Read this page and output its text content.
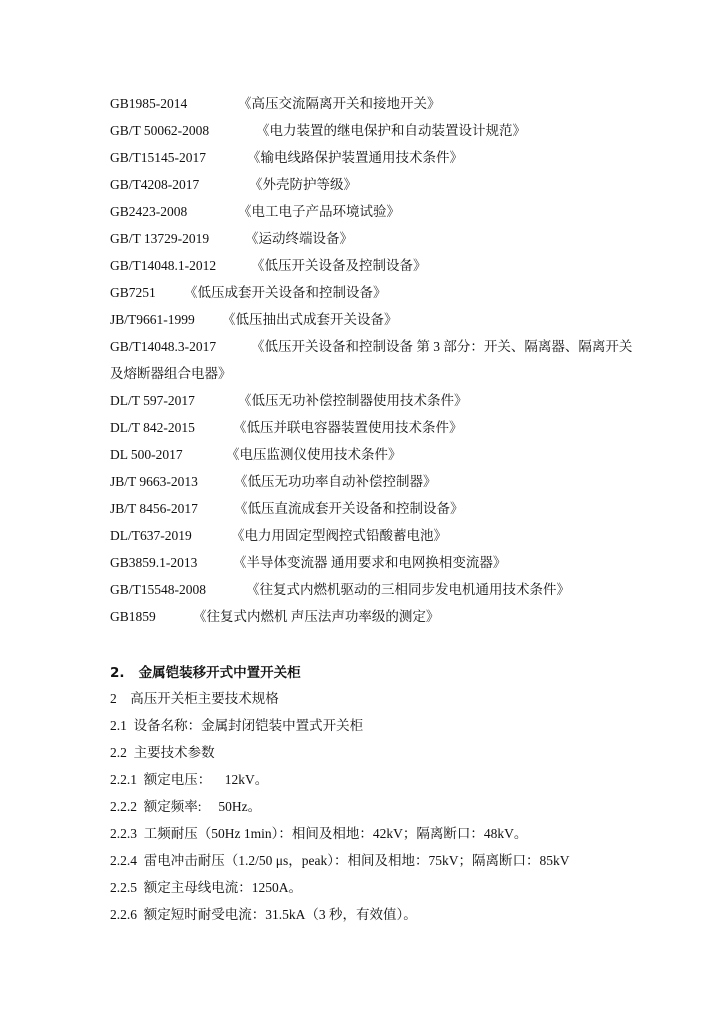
GB1985-2014	《高压交流隔离开关和接地开关》
GB/T 50062-2008	《电力装置的继电保护和自动装置设计规范》
GB/T15145-2017	《输电线路保护装置通用技术条件》
GB/T4208-2017	《外壳防护等级》
GB2423-2008	《电工电子产品环境试验》
GB/T 13729-2019	《运动终端设备》
GB/T14048.1-2012	《低压开关设备及控制设备》
GB7251 《低压成套开关设备和控制设备》
JB/T9661-1999 《低压抽出式成套开关设备》
GB/T14048.3-2017	《低压开关设备和控制设备 第 3 部分：开关、隔离器、隔离开关
及熔断器组合电器》
DL/T 597-2017	《低压无功补偿控制器使用技术条件》
DL/T 842-2015	《低压并联电容器装置使用技术条件》
DL 500-2017	《电压监测仪使用技术条件》
JB/T 9663-2013	《低压无功功率自动补偿控制器》
JB/T 8456-2017	《低压直流成套开关设备和控制设备》
DL/T637-2019	《电力用固定型阀控式铅酸蓄电池》
GB3859.1-2013	《半导体变流器 通用要求和电网换相变流器》
GB/T15548-2008	《往复式内燃机驱动的三相同步发电机通用技术条件》
GB1859	《往复式内燃机 声压法声功率级的测定》
2.   金属铠装移开式中置开关柜
2    高压开关柜主要技术规格
2.1  设备名称：金属封闭铠装中置式开关柜
2.2  主要技术参数
2.2.1  额定电压：    12kV。
2.2.2  额定频率:     50Hz。
2.2.3  工频耐压（50Hz 1min）：相间及相地：42kV；隔离断口：48kV。
2.2.4  雷电冲击耐压（1.2/50 μs，peak）：相间及相地：75kV；隔离断口：85kV
2.2.5  额定主母线电流：1250A。
2.2.6  额定短时耐受电流：31.5kA（3 秒，有效值）。
